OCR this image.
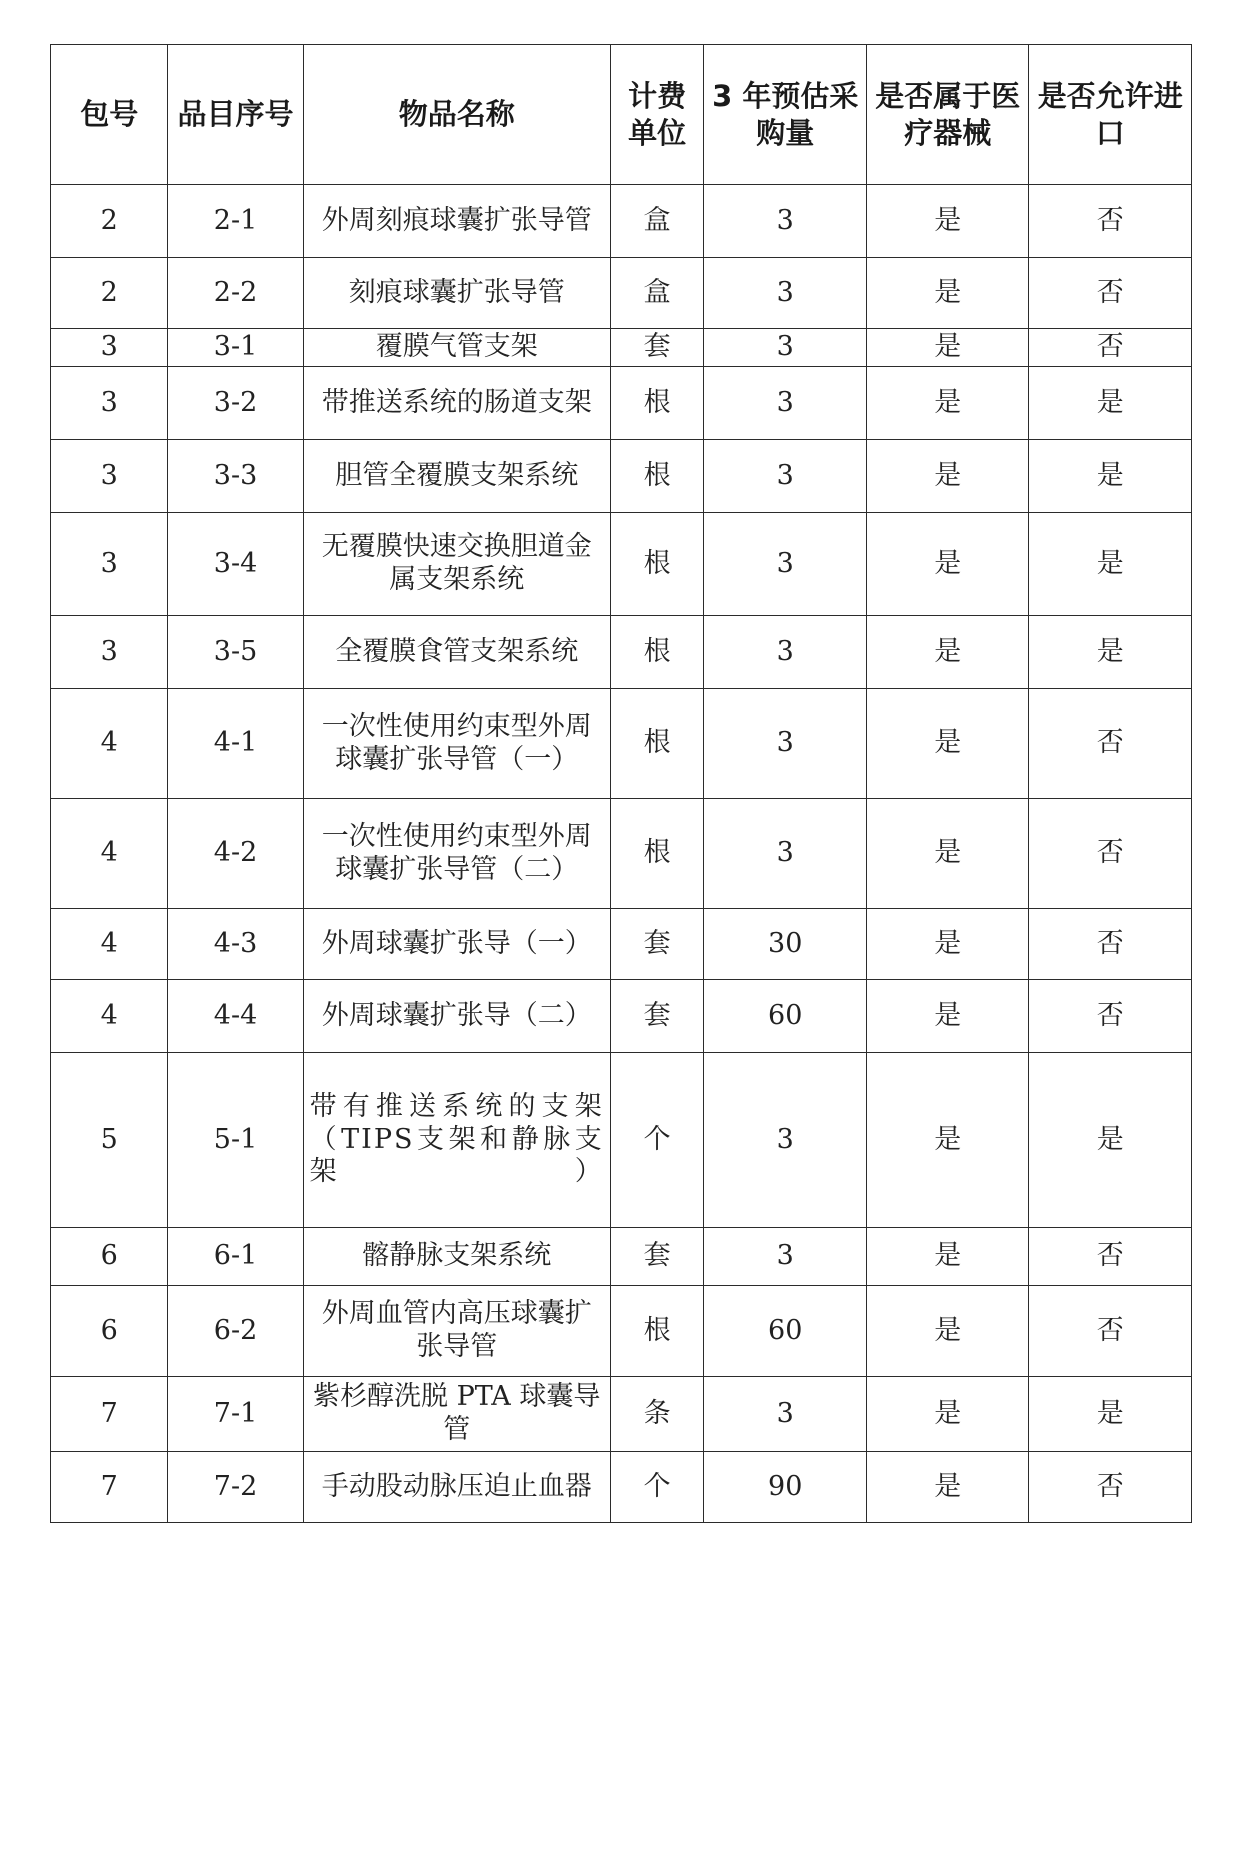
包号	品目序号	物品名称	计费单位	3 年预估采购量	是否属于医疗器械	是否允许进口
2	2-1	外周刻痕球囊扩张导管	盒	3	是	否
2	2-2	刻痕球囊扩张导管	盒	3	是	否
3	3-1	覆膜气管支架	套	3	是	否
3	3-2	带推送系统的肠道支架	根	3	是	是
3	3-3	胆管全覆膜支架系统	根	3	是	是
3	3-4	无覆膜快速交换胆道金属支架系统	根	3	是	是
3	3-5	全覆膜食管支架系统	根	3	是	是
4	4-1	一次性使用约束型外周球囊扩张导管（一）	根	3	是	否
4	4-2	一次性使用约束型外周球囊扩张导管（二）	根	3	是	否
4	4-3	外周球囊扩张导（一）	套	30	是	否
4	4-4	外周球囊扩张导（二）	套	60	是	否
5	5-1	带有推送系统的支架（TIPS支架和静脉支架）	个	3	是	是
6	6-1	髂静脉支架系统	套	3	是	否
6	6-2	外周血管内高压球囊扩张导管	根	60	是	否
7	7-1	紫杉醇洗脱 PTA 球囊导管	条	3	是	是
7	7-2	手动股动脉压迫止血器	个	90	是	否
